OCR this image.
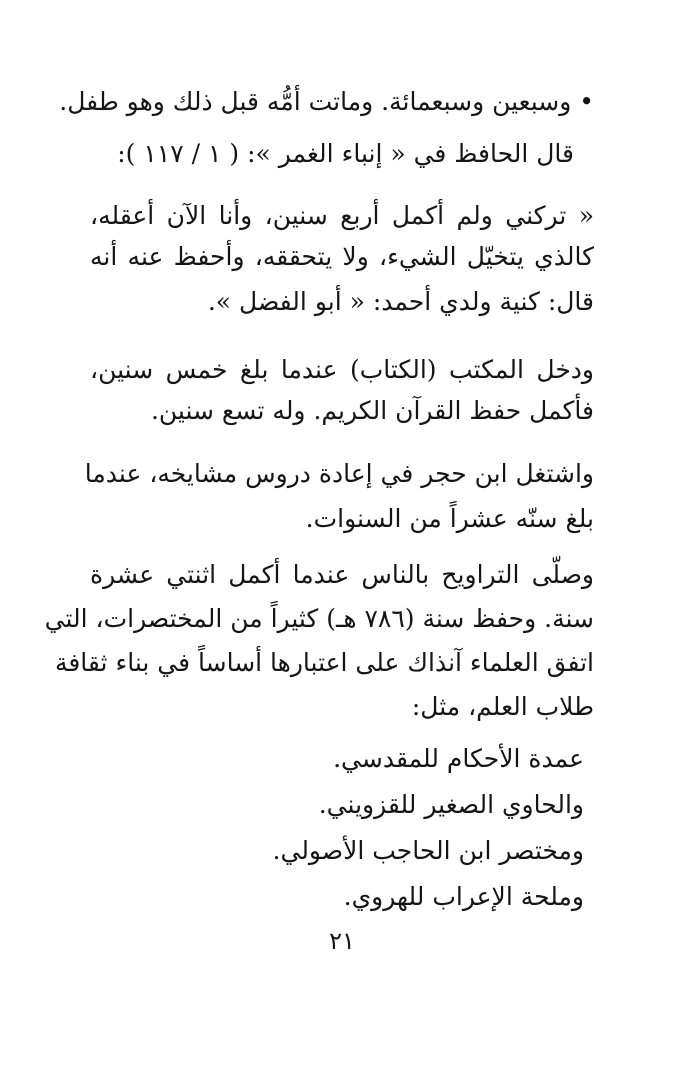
• وسبعين وسبعمائة. وماتت أمُّه قبل ذلك وهو طفل.
قال الحافظ في « إنباء الغمر »: ( ١ / ١١٧ ):
« تركني ولم أكمل أربع سنين، وأنا الآن أعقله،
كالذي يتخيّل الشيء، ولا يتحققه، وأحفظ عنه أنه
قال: كنية ولدي أحمد: « أبو الفضل ».
ودخل المكتب (الكتاب) عندما بلغ خمس سنين،
فأكمل حفظ القرآن الكريم. وله تسع سنين.
واشتغل ابن حجر في إعادة دروس مشايخه، عندما
بلغ سنّه عشراً من السنوات.
وصلّى التراويح بالناس عندما أكمل اثنتي عشرة
سنة. وحفظ سنة (٧٨٦ هـ) كثيراً من المختصرات، التي
اتفق العلماء آنذاك على اعتبارها أساساً في بناء ثقافة
طلاب العلم، مثل:
عمدة الأحكام للمقدسي.
والحاوي الصغير للقزويني.
ومختصر ابن الحاجب الأصولي.
وملحة الإعراب للهروي.
٢١
